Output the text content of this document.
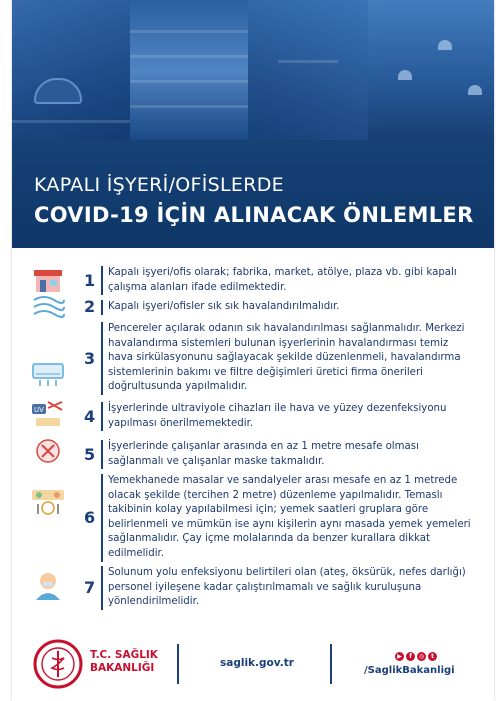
KAPALI İŞYERİ/OFİSLERDE
COVID-19 İÇİN ALINACAK ÖNLEMLER
1 Kapalı işyeri/ofis olarak; fabrika, market, atölye, plaza vb. gibi kapalı
çalışma alanları ifade edilmektedir.
2 Kapalı işyeri/ofisler sık sık havalandırılmalıdır.
3
Pencereler açılarak odanın sık havalandırılması sağlanmalıdır. Merkezi
havalandırma sistemleri bulunan işyerlerinin havalandırması temiz
hava sirkülasyonunu sağlayacak şekilde düzenlenmeli, havalandırma
sistemlerinin bakımı ve filtre değişimleri üretici firma önerileri
doğrultusunda yapılmalıdır.
UV	4 İşyerlerinde ultraviyole cihazları ile hava ve yüzey dezenfeksiyonu
yapılması önerilmemektedir.
5 İşyerlerinde çalışanlar arasında en az 1 metre mesafe olması
sağlanmalı ve çalışanlar maske takmalıdır.
6
Yemekhanede masalar ve sandalyeler arası mesafe en az 1 metrede
olacak şekilde (tercihen 2 metre) düzenleme yapılmalıdır. Temaslı
takibinin kolay yapılabilmesi için; yemek saatleri gruplara göre
belirlenmeli ve mümkün ise aynı kişilerin aynı masada yemek yemeleri
sağlanmalıdır. Çay içme molalarında da benzer kurallara dikkat
edilmelidir.
7
Solunum yolu enfeksiyonu belirtileri olan (ateş, öksürük, nefes darlığı)
personel iyileşene kadar çalıştırılmamalı ve sağlık kuruluşuna
yönlendirilmelidir.
T.C. SAĞLIK
BAKANLIĞI	saglik.gov.tr
▶	f	◎	t
/SaglikBakanligi
